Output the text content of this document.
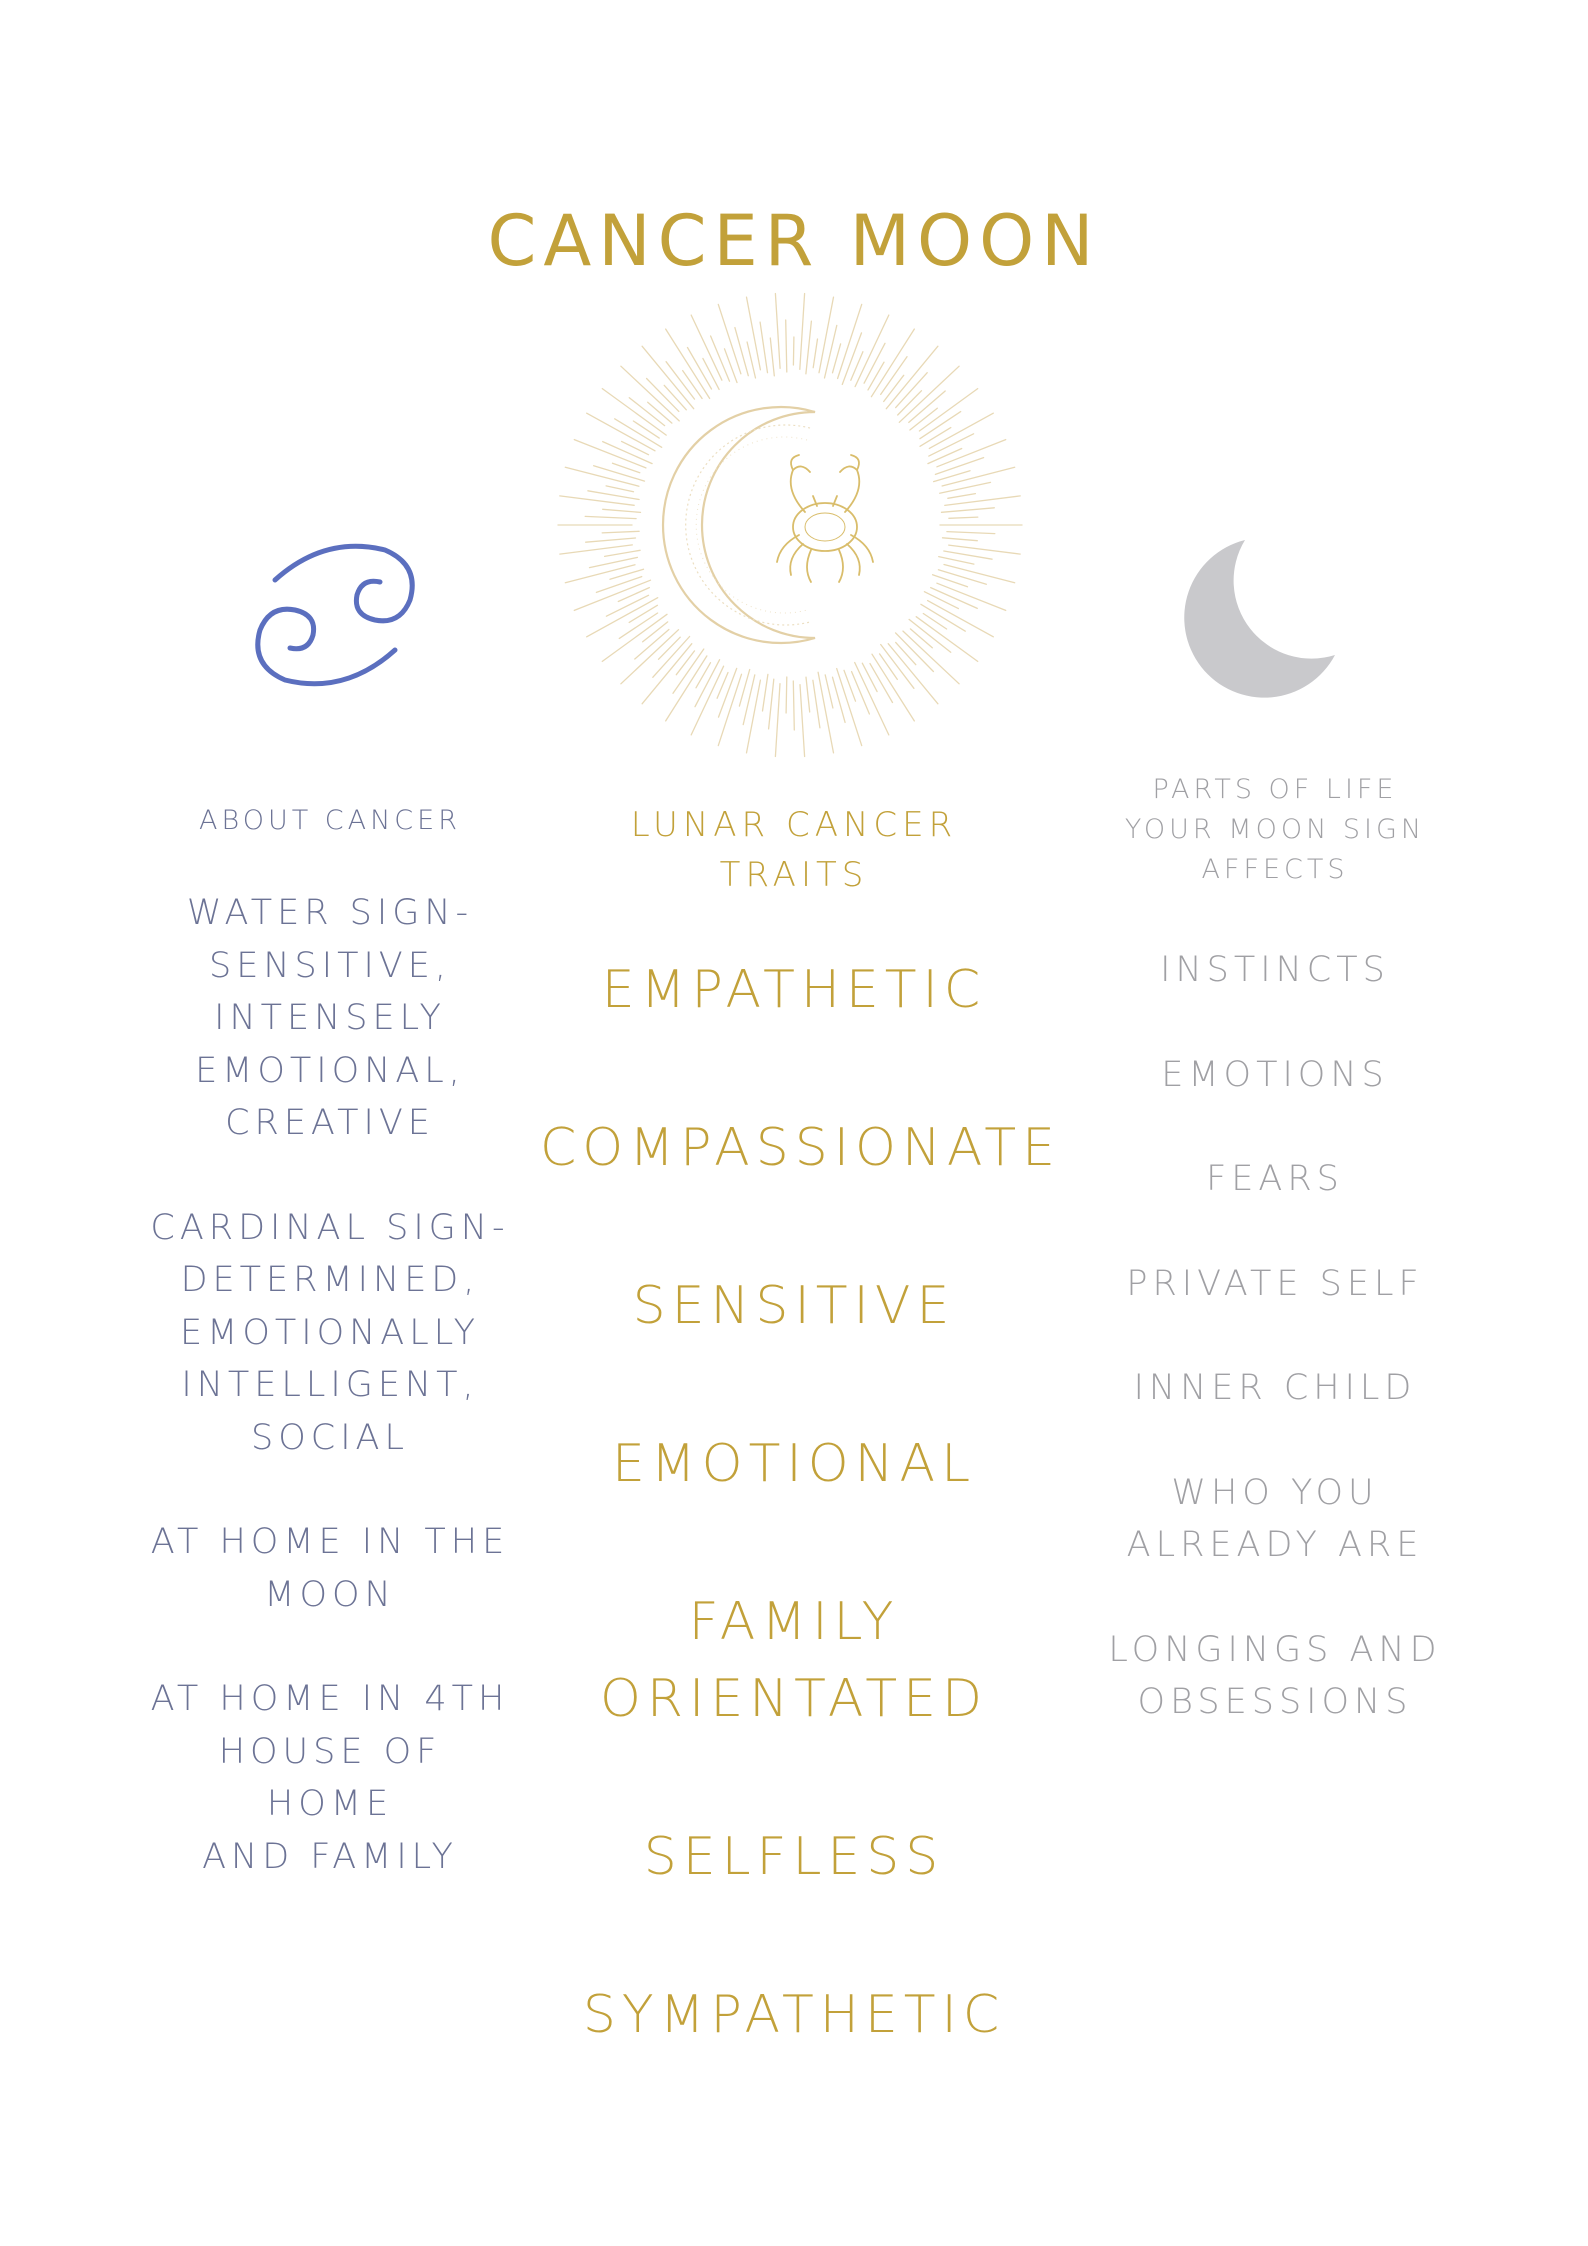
CANCER MOON
ABOUT CANCER
WATER SIGN-
SENSITIVE,
INTENSELY
EMOTIONAL,
CREATIVE
CARDINAL SIGN-
DETERMINED,
EMOTIONALLY
INTELLIGENT,
SOCIAL
AT HOME IN THE
MOON
AT HOME IN 4TH
HOUSE OF HOME
AND FAMILY
LUNAR CANCER
TRAITS
EMPATHETIC
COMPASSIONATE
SENSITIVE
EMOTIONAL
FAMILY
ORIENTATED
SELFLESS
SYMPATHETIC
PARTS OF LIFE
YOUR MOON SIGN
AFFECTS
INSTINCTS
EMOTIONS
FEARS
PRIVATE SELF
INNER CHILD
WHO YOU
ALREADY ARE
LONGINGS AND
OBSESSIONS
